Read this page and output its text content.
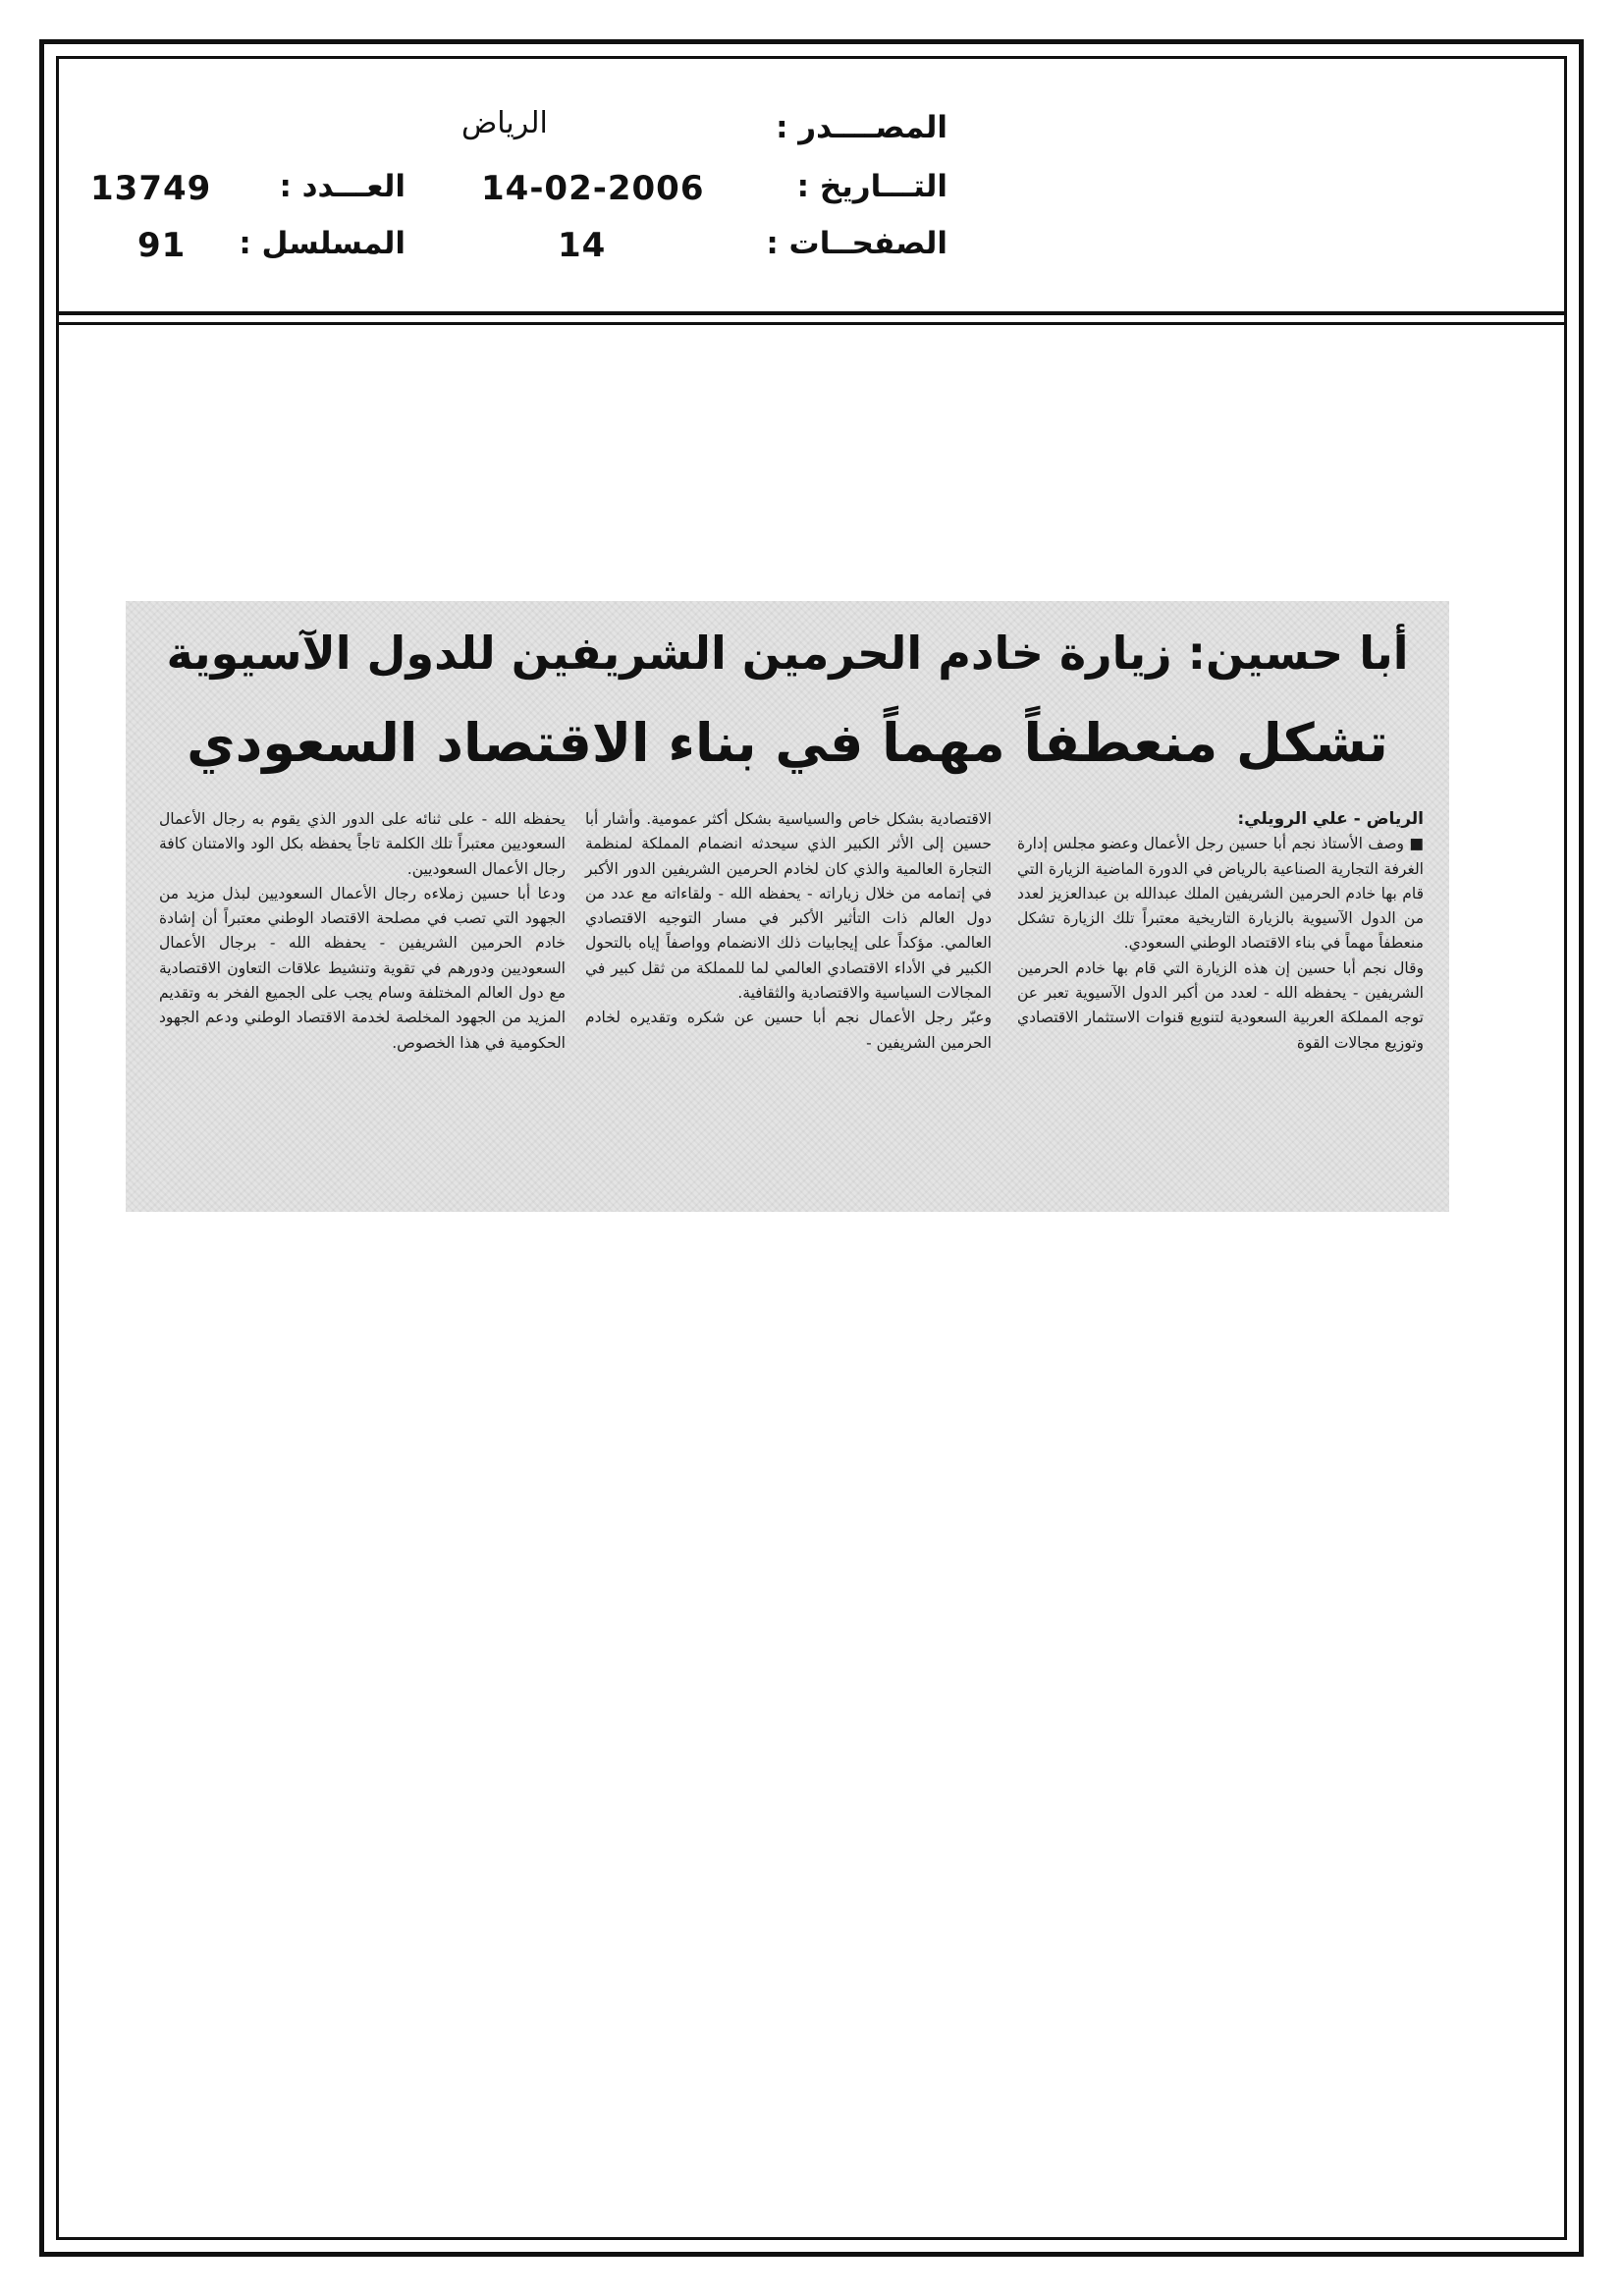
المصــــدر :
التـــاريخ :
الصفحــات :
الرياض
14-02-2006
14
العـــدد :
المسلسل :
13749
91
أبا حسين: زيارة خادم الحرمين الشريفين للدول الآسيوية
تشكل منعطفاً مهماً في بناء الاقتصاد السعودي

الرياض - علي الرويلي:

■ وصف الأستاذ نجم أبا حسين رجل الأعمال وعضو مجلس إدارة الغرفة التجارية الصناعية بالرياض في الدورة الماضية الزيارة التي قام بها خادم الحرمين الشريفين الملك عبدالله بن عبدالعزيز لعدد من الدول الآسيوية بالزيارة التاريخية معتبراً تلك الزيارة تشكل منعطفاً مهماً في بناء الاقتصاد الوطني السعودي.

وقال نجم أبا حسين إن هذه الزيارة التي قام بها خادم الحرمين الشريفين - يحفظه الله - لعدد من أكبر الدول الآسيوية تعبر عن توجه المملكة العربية السعودية لتنويع قنوات الاستثمار الاقتصادي وتوزيع مجالات القوة

الاقتصادية بشكل خاص والسياسية بشكل أكثر عمومية. وأشار أبا حسين إلى الأثر الكبير الذي سيحدثه انضمام المملكة لمنظمة التجارة العالمية والذي كان لخادم الحرمين الشريفين الدور الأكبر في إتمامه من خلال زياراته - يحفظه الله - ولقاءاته مع عدد من دول العالم ذات التأثير الأكبر في مسار التوجيه الاقتصادي العالمي. مؤكداً على إيجابيات ذلك الانضمام وواصفاً إياه بالتحول الكبير في الأداء الاقتصادي العالمي لما للمملكة من ثقل كبير في المجالات السياسية والاقتصادية والثقافية.

وعبّر رجل الأعمال نجم أبا حسين عن شكره وتقديره لخادم الحرمين الشريفين -

يحفظه الله - على ثنائه على الدور الذي يقوم به رجال الأعمال السعوديين معتبراً تلك الكلمة تاجاً يحفظه بكل الود والامتنان كافة رجال الأعمال السعوديين.

ودعا أبا حسين زملاءه رجال الأعمال السعوديين لبذل مزيد من الجهود التي تصب في مصلحة الاقتصاد الوطني معتبراً أن إشادة خادم الحرمين الشريفين - يحفظه الله - برجال الأعمال السعوديين ودورهم في تقوية وتنشيط علاقات التعاون الاقتصادية مع دول العالم المختلفة وسام يجب على الجميع الفخر به وتقديم المزيد من الجهود المخلصة لخدمة الاقتصاد الوطني ودعم الجهود الحكومية في هذا الخصوص.
